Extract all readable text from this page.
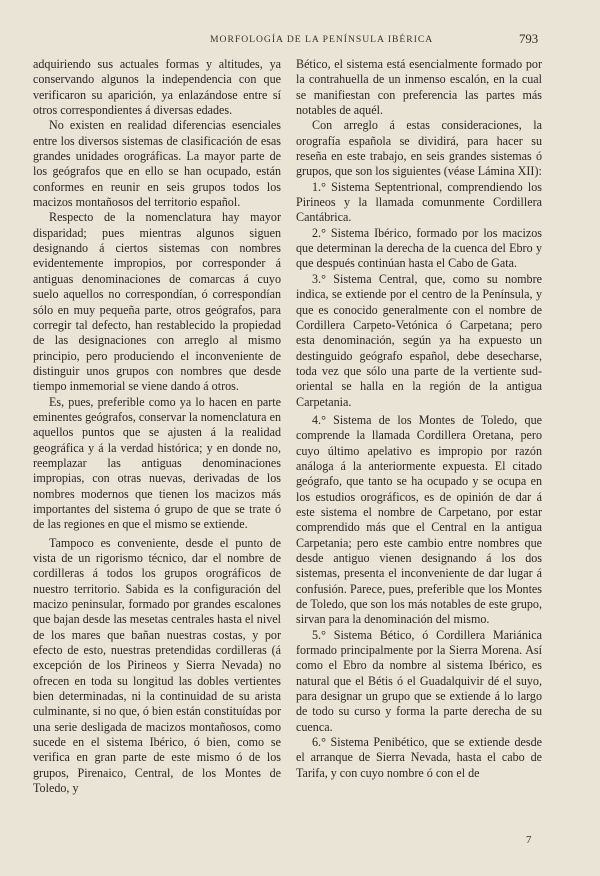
MORFOLOGÍA DE LA PENÍNSULA IBÉRICA	793

adquiriendo sus actuales formas y altitudes, ya conservando algunos la independencia con que verificaron su aparición, ya enlazándose entre sí otros correspondientes á diversas edades.

No existen en realidad diferencias esenciales entre los diversos sistemas de clasificación de esas grandes unidades orográficas. La mayor parte de los geógrafos que en ello se han ocupado, están conformes en reunir en seis grupos todos los macizos montañosos del territorio español.

Respecto de la nomenclatura hay mayor disparidad; pues mientras algunos siguen designando á ciertos sistemas con nombres evidentemente impropios, por corresponder á antiguas denominaciones de comarcas á cuyo suelo aquellos no correspondían, ó correspondían sólo en muy pequeña parte, otros geógrafos, para corregir tal defecto, han restablecido la propiedad de las designaciones con arreglo al mismo principio, pero produciendo el inconveniente de distinguir unos grupos con nombres que desde tiempo inmemorial se viene dando á otros.

Es, pues, preferible como ya lo hacen en parte eminentes geógrafos, conservar la nomenclatura en aquellos puntos que se ajusten á la realidad geográfica y á la verdad histórica; y en donde no, reemplazar las antiguas denominaciones impropias, con otras nuevas, derivadas de los nombres modernos que tienen los macizos más importantes del sistema ó grupo de que se trate ó de las regiones en que el mismo se extiende.

Tampoco es conveniente, desde el punto de vista de un rigorismo técnico, dar el nombre de cordilleras á todos los grupos orográficos de nuestro territorio. Sabida es la configuración del macizo peninsular, formado por grandes escalones que bajan desde las mesetas centrales hasta el nivel de los mares que bañan nuestras costas, y por efecto de esto, nuestras pretendidas cordilleras (á excepción de los Pirineos y Sierra Nevada) no ofrecen en toda su longitud las dobles vertientes bien determinadas, ni la continuidad de su arista culminante, si no que, ó bien están constituídas por una serie desligada de macizos montañosos, como sucede en el sistema Ibérico, ó bien, como se verifica en gran parte de este mismo ó de los grupos, Pirenaico, Central, de los Montes de Toledo, y

Bético, el sistema está esencialmente formado por la contrahuella de un inmenso escalón, en la cual se manifiestan con preferencia las partes más notables de aquél.

Con arreglo á estas consideraciones, la orografía española se dividirá, para hacer su reseña en este trabajo, en seis grandes sistemas ó grupos, que son los siguientes (véase Lámina XII):

1.° Sistema Septentrional, comprendiendo los Pirineos y la llamada comunmente Cordillera Cantábrica.

2.° Sistema Ibérico, formado por los macizos que determinan la derecha de la cuenca del Ebro y que después continúan hasta el Cabo de Gata.

3.° Sistema Central, que, como su nombre indica, se extiende por el centro de la Península, y que es conocido generalmente con el nombre de Cordillera Carpeto-Vetónica ó Carpetana; pero esta denominación, según ya ha expuesto un destinguido geógrafo español, debe desecharse, toda vez que sólo una parte de la vertiente sud-oriental se halla en la región de la antigua Carpetania.

4.° Sistema de los Montes de Toledo, que comprende la llamada Cordillera Oretana, pero cuyo último apelativo es impropio por razón análoga á la anteriormente expuesta. El citado geógrafo, que tanto se ha ocupado y se ocupa en los estudios orográficos, es de opinión de dar á este sistema el nombre de Carpetano, por estar comprendido más que el Central en la antigua Carpetania; pero este cambio entre nombres que desde antiguo vienen designando á los dos sistemas, presenta el inconveniente de dar lugar á confusión. Parece, pues, preferible que los Montes de Toledo, que son los más notables de este grupo, sirvan para la denominación del mismo.

5.° Sistema Bético, ó Cordillera Mariánica formado principalmente por la Sierra Morena. Así como el Ebro da nombre al sistema Ibérico, es natural que el Bétis ó el Guadalquivir dé el suyo, para designar un grupo que se extiende á lo largo de todo su curso y forma la parte derecha de su cuenca.

6.° Sistema Penibético, que se extiende desde el arranque de Sierra Nevada, hasta el cabo de Tarifa, y con cuyo nombre ó con el de

7
